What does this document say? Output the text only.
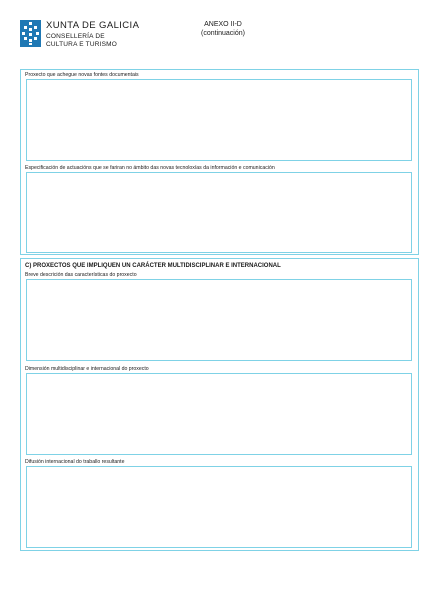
XUNTA DE GALICIA
CONSELLERÍA DE
CULTURA E TURISMO
ANEXO II-D
(continuación)
Proxecto que achegue novas fontes documentais
Especificación de actuacións que se fariran no ámbito das novas tecnoloxías da información e comunicación
C) PROXECTOS QUE IMPLIQUEN UN CARÁCTER MULTIDISCIPLINAR E INTERNACIONAL
Breve descrición das características do proxecto
Dimensión multidisciplinar e internacional do proxecto
Difusión internacional do traballo resultante
